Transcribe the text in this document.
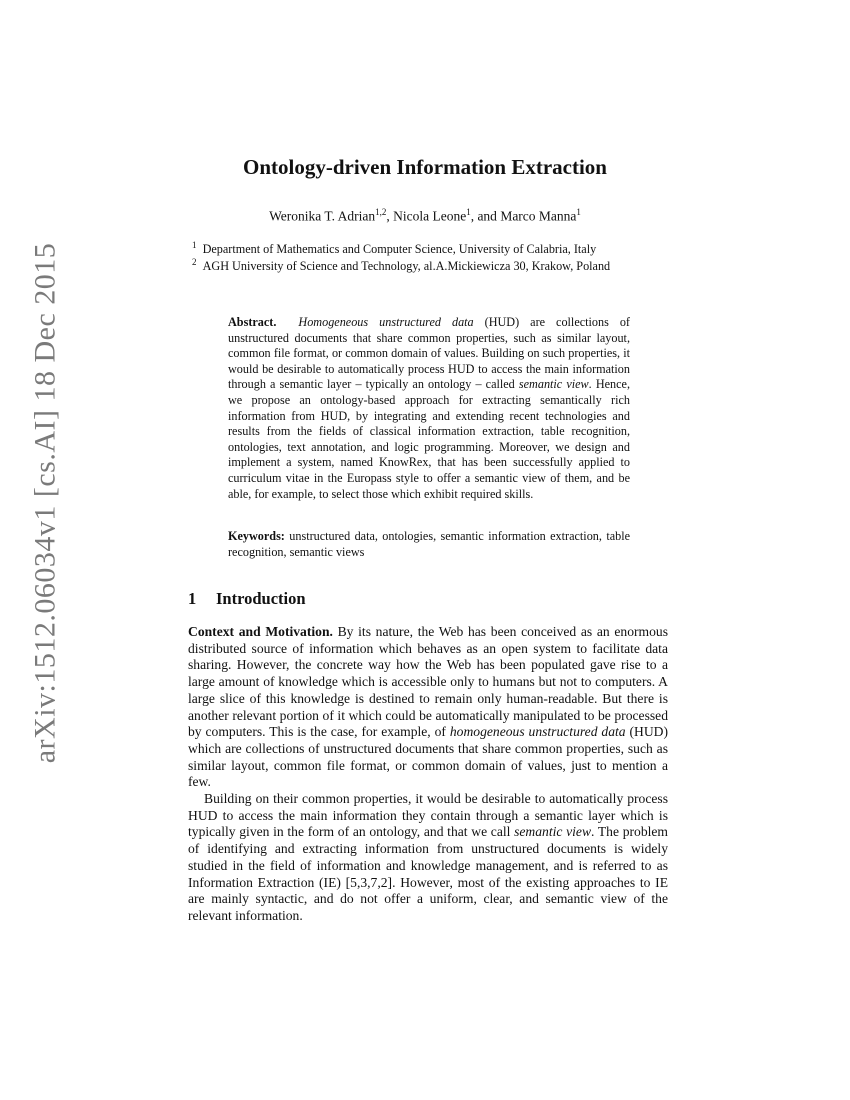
arXiv:1512.06034v1 [cs.AI] 18 Dec 2015
Ontology-driven Information Extraction
Weronika T. Adrian$^{1,2}$, Nicola Leone$^1$, and Marco Manna$^1$
$^1$ Department of Mathematics and Computer Science, University of Calabria, Italy
$^2$ AGH University of Science and Technology, al.A.Mickiewicza 30, Krakow, Poland
Abstract. Homogeneous unstructured data (HUD) are collections of unstructured documents that share common properties, such as similar layout, common file format, or common domain of values. Building on such properties, it would be desirable to automatically process HUD to access the main information through a semantic layer – typically an ontology – called semantic view. Hence, we propose an ontology-based approach for extracting semantically rich information from HUD, by integrating and extending recent technologies and results from the fields of classical information extraction, table recognition, ontologies, text annotation, and logic programming. Moreover, we design and implement a system, named KnowRex, that has been successfully applied to curriculum vitae in the Europass style to offer a semantic view of them, and be able, for example, to select those which exhibit required skills.
Keywords: unstructured data, ontologies, semantic information extraction, table recognition, semantic views
1 Introduction
Context and Motivation. By its nature, the Web has been conceived as an enormous distributed source of information which behaves as an open system to facilitate data sharing. However, the concrete way how the Web has been populated gave rise to a large amount of knowledge which is accessible only to humans but not to computers. A large slice of this knowledge is destined to remain only human-readable. But there is another relevant portion of it which could be automatically manipulated to be processed by computers. This is the case, for example, of homogeneous unstructured data (HUD) which are collections of unstructured documents that share common properties, such as similar layout, common file format, or common domain of values, just to mention a few.
Building on their common properties, it would be desirable to automatically process HUD to access the main information they contain through a semantic layer which is typically given in the form of an ontology, and that we call semantic view. The problem of identifying and extracting information from unstructured documents is widely studied in the field of information and knowledge management, and is referred to as Information Extraction (IE) [5,3,7,2]. However, most of the existing approaches to IE are mainly syntactic, and do not offer a uniform, clear, and semantic view of the relevant information.
